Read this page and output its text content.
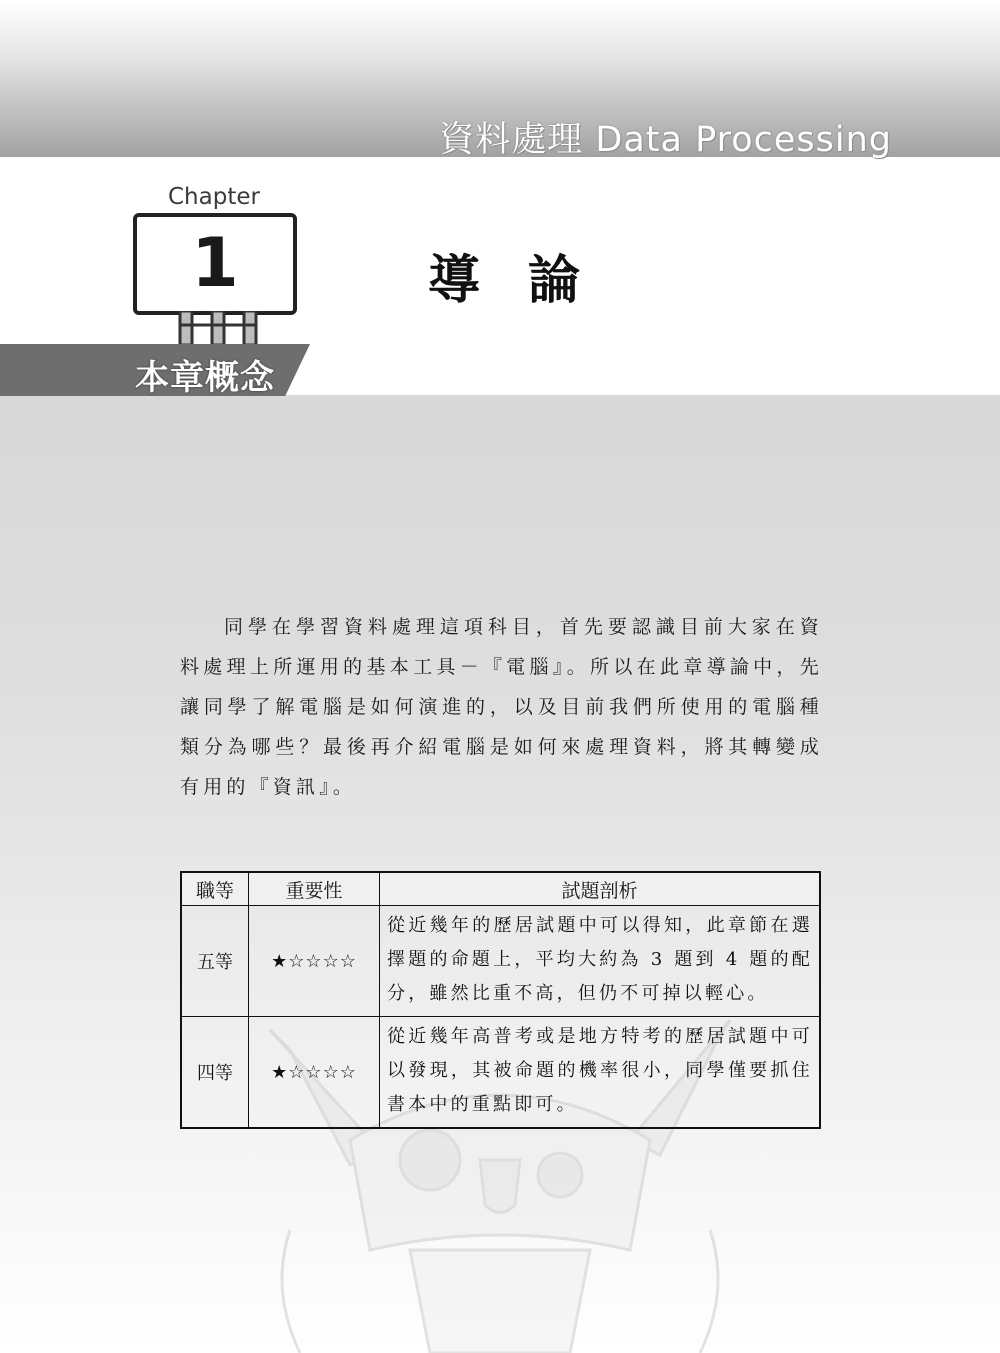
資料處理 Data Processing
Chapter
1
本章概念
導論

同學在學習資料處理這項科目，首先要認識目前大家在資料處理上所運用的基本工具－『電腦』。所以在此章導論中，先讓同學了解電腦是如何演進的，以及目前我們所使用的電腦種類分為哪些？最後再介紹電腦是如何來處理資料，將其轉變成有用的『資訊』。

職等	重要性	試題剖析
五等	★☆☆☆☆	從近幾年的歷居試題中可以得知，此章節在選擇題的命題上，平均大約為 3 題到 4 題的配分，雖然比重不高，但仍不可掉以輕心。
四等	★☆☆☆☆	從近幾年高普考或是地方特考的歷居試題中可以發現，其被命題的機率很小，同學僅要抓住書本中的重點即可。
